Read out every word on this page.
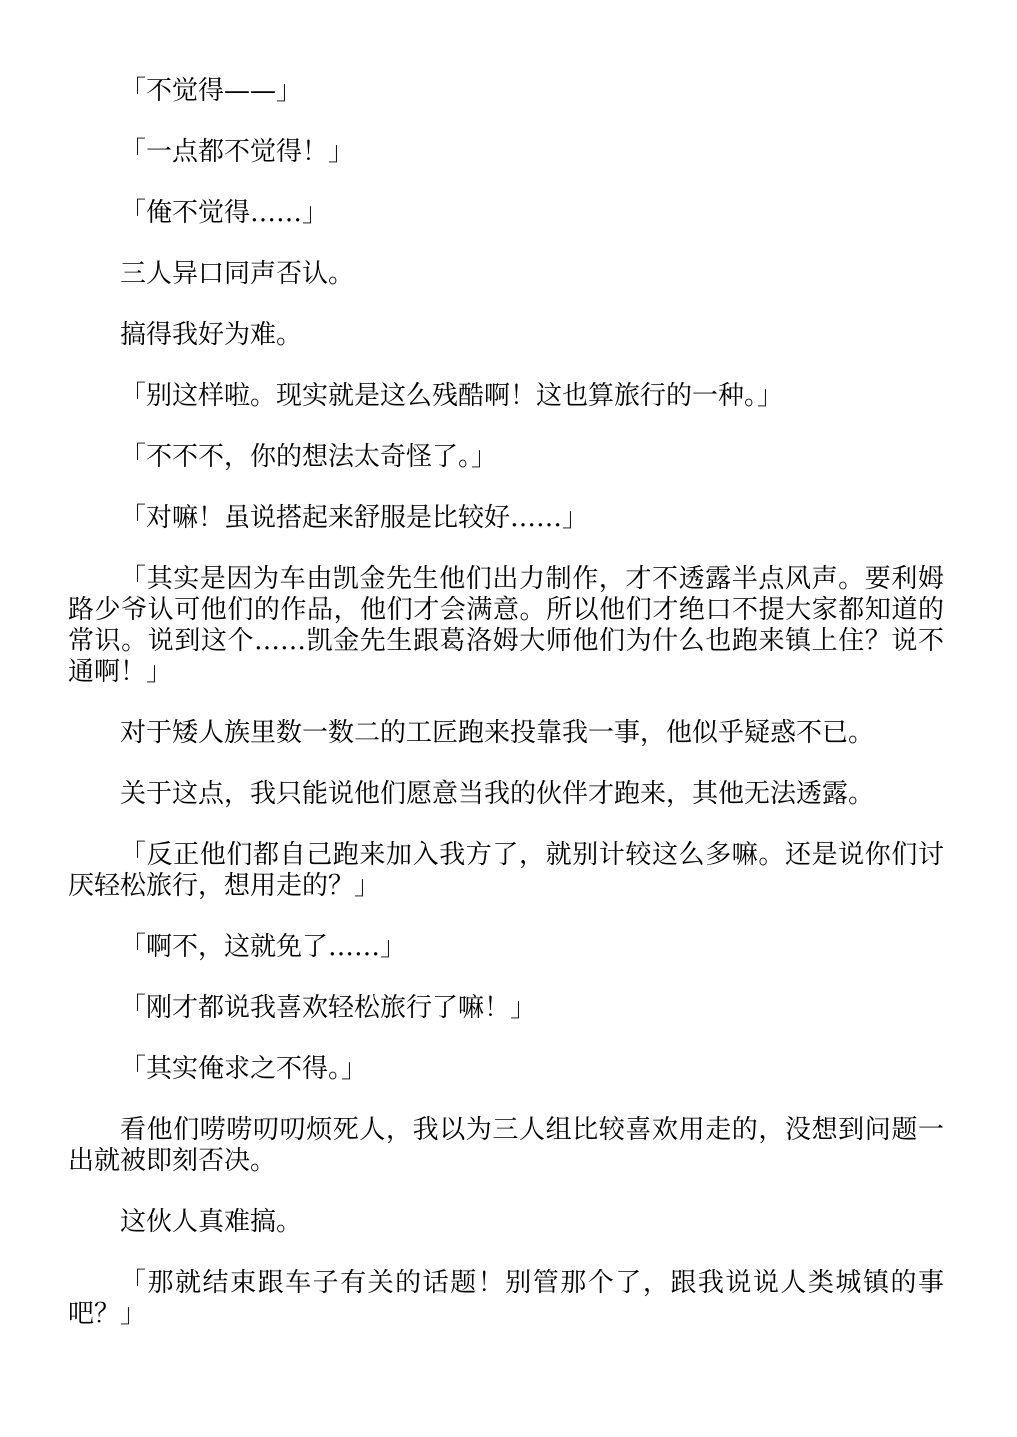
「不觉得——」

「一点都不觉得！」

「俺不觉得……」

三人异口同声否认。

搞得我好为难。

「别这样啦。现实就是这么残酷啊！这也算旅行的一种。」

「不不不，你的想法太奇怪了。」

「对嘛！虽说搭起来舒服是比较好……」

「其实是因为车由凯金先生他们出力制作，才不透露半点风声。要利姆路少爷认可他们的作品，他们才会满意。所以他们才绝口不提大家都知道的常识。说到这个……凯金先生跟葛洛姆大师他们为什么也跑来镇上住？说不通啊！」

对于矮人族里数一数二的工匠跑来投靠我一事，他似乎疑惑不已。

关于这点，我只能说他们愿意当我的伙伴才跑来，其他无法透露。

「反正他们都自己跑来加入我方了，就别计较这么多嘛。还是说你们讨厌轻松旅行，想用走的？」

「啊不，这就免了……」

「刚才都说我喜欢轻松旅行了嘛！」

「其实俺求之不得。」

看他们唠唠叨叨烦死人，我以为三人组比较喜欢用走的，没想到问题一出就被即刻否决。

这伙人真难搞。

「那就结束跟车子有关的话题！别管那个了，跟我说说人类城镇的事吧？」
